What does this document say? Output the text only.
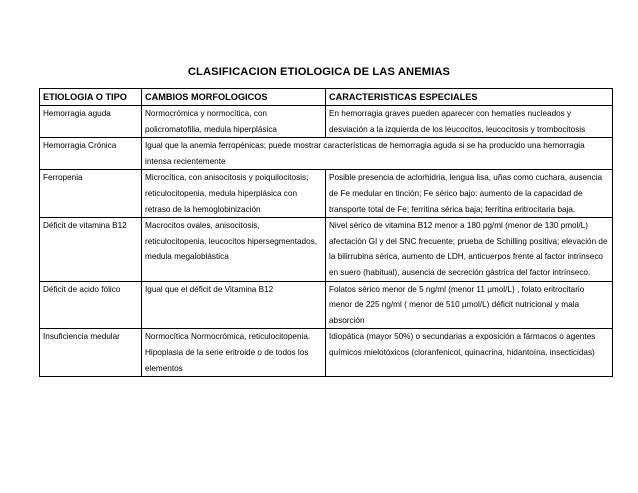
CLASIFICACION ETIOLOGICA DE LAS ANEMIAS
ETIOLOGIA O TIPO	CAMBIOS MORFOLOGICOS	CARACTERISTICAS ESPECIALES
Hemorragia aguda	Normocrómica y normocítica, con policromatofilia, medula hiperplásica	En hemorragia graves pueden aparecer con hematíes nucleados y desviación a la izquierda de los leucocitos, leucocitosis y trombocitosis
Hemorragia Crónica	Igual que la anemia ferropénicas; puede mostrar características de hemorragia aguda si se ha producido una hemorragia intensa recientemente	
Ferropenia	Microcítica, con anisocitosis y poiquilocitosis; reticulocitopenia, medula hiperplásica con retraso de la hemoglobinización	Posible presencia de aclorhidria, lengua lisa, uñas como cuchara, ausencia de Fe medular en tinción; Fe sérico bajo: aumento de la capacidad de transporte total de Fe; ferritina sérica baja; ferritina eritrocitaria baja.
Déficit de vitamina B12	Macrocitos ovales, anisocitosis, reticulocitopenia, leucocitos hipersegmentados, medula megaloblástica	Nivel sérico de vitamina B12 menor a 180 pg/ml (menor de 130 pmol/L) afectación GI y del SNC frecuente; prueba de Schilling positiva; elevación de la bilirrubina sérica, aumento de LDH, anticuerpos frente al factor intrínseco en suero (habitual), ausencia de secreción gástrica del factor intrínseco.
Déficit de acido fólico	Igual que el déficit de Vitamina B12	Folatos sérico menor de 5 ng/ml (menor 11 µmol/L) , folato eritrocitario menor de 225 ng/ml ( menor de 510 µmol/L) déficit nutricional y mala absorción
Insuficiencia medular	Normocítica Normocrómica, reticulocitopenia. Hipoplasia de la serie eritroide o de todos los elementos	Idiopática (mayor 50%) o secundarias a exposición a fármacos o agentes químicos mielotóxicos (cloranfenicol, quinacrina, hidantoína, insecticidas)
